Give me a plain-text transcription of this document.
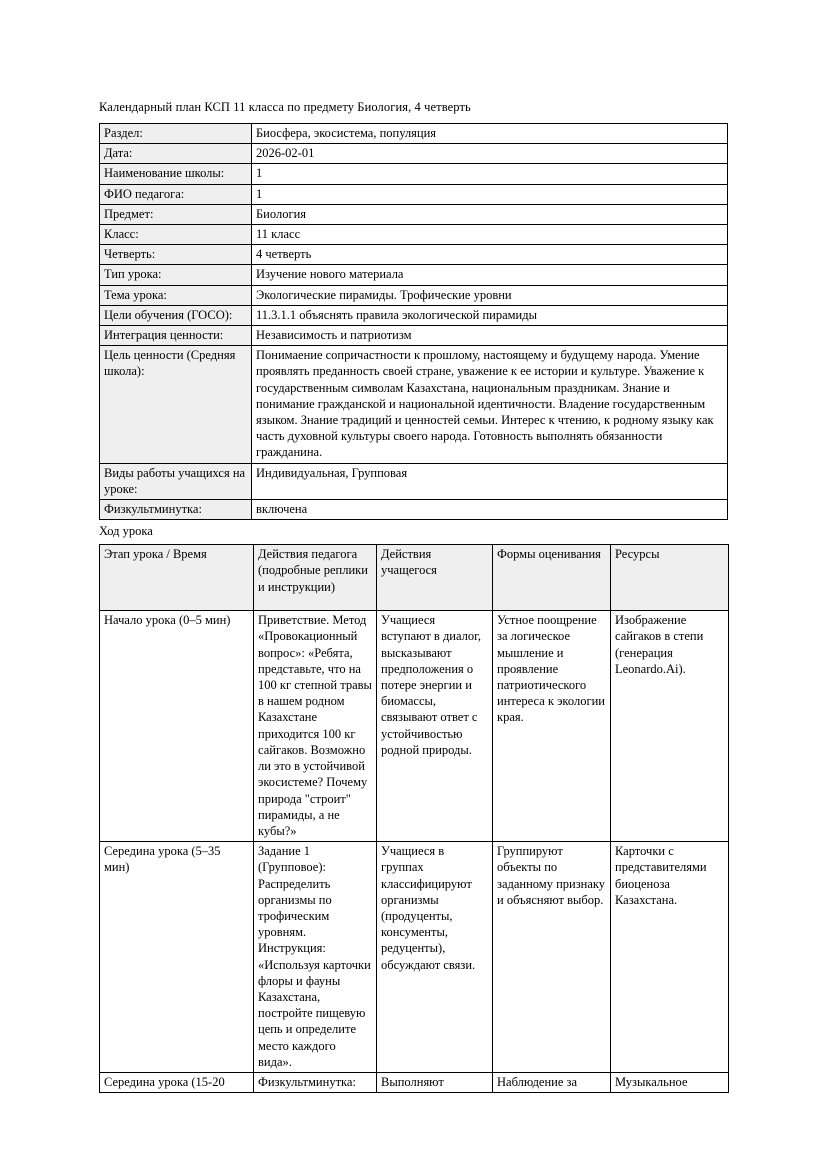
Календарный план КСП 11 класса по предмету Биология, 4 четверть

Раздел:	Биосфера, экосистема, популяция
Дата:	2026-02-01
Наименование школы:	1
ФИО педагога:	1
Предмет:	Биология
Класс:	11 класс
Четверть:	4 четверть
Тип урока:	Изучение нового материала
Тема урока:	Экологические пирамиды. Трофические уровни
Цели обучения (ГОСО):	11.3.1.1 объяснять правила экологической пирамиды
Интеграция ценности:	Независимость и патриотизм
Цель ценности (Средняя школа):	Понимаение сопричастности к прошлому, настоящему и будущему народа. Умение проявлять преданность своей стране, уважение к ее истории и культуре. Уважение к государственным символам Казахстана, национальным праздникам. Знание и понимание гражданской и национальной идентичности. Владение государственным языком. Знание традиций и ценностей семьи. Интерес к чтению, к родному языку как часть духовной культуры своего народа. Готовность выполнять обязанности гражданина.
Виды работы учащихся на уроке:	Индивидуальная, Групповая
Физкультминутка:	включена

Ход урока

Этап урока / Время	Действия педагога (подробные реплики и инструкции)	Действия учащегося	Формы оценивания	Ресурсы
Начало урока (0–5 мин)	Приветствие. Метод «Провокационный вопрос»: «Ребята, представьте, что на 100 кг степной травы в нашем родном Казахстане приходится 100 кг сайгаков. Возможно ли это в устойчивой экосистеме? Почему природа "строит" пирамиды, а не кубы?»	Учащиеся вступают в диалог, высказывают предположения о потере энергии и биомассы, связывают ответ с устойчивостью родной природы.	Устное поощрение за логическое мышление и проявление патриотического интереса к экологии края.	Изображение сайгаков в степи (генерация Leonardo.Ai).
Середина урока (5–35 мин)	Задание 1 (Групповое): Распределить организмы по трофическим уровням. Инструкция: «Используя карточки флоры и фауны Казахстана, постройте пищевую цепь и определите место каждого вида».	Учащиеся в группах классифицируют организмы (продуценты, консументы, редуценты), обсуждают связи.	Группируют объекты по заданному признаку и объясняют выбор.	Карточки с представителями биоценоза Казахстана.
Середина урока (15-20	Физкультминутка:	Выполняют	Наблюдение за	Музыкальное
